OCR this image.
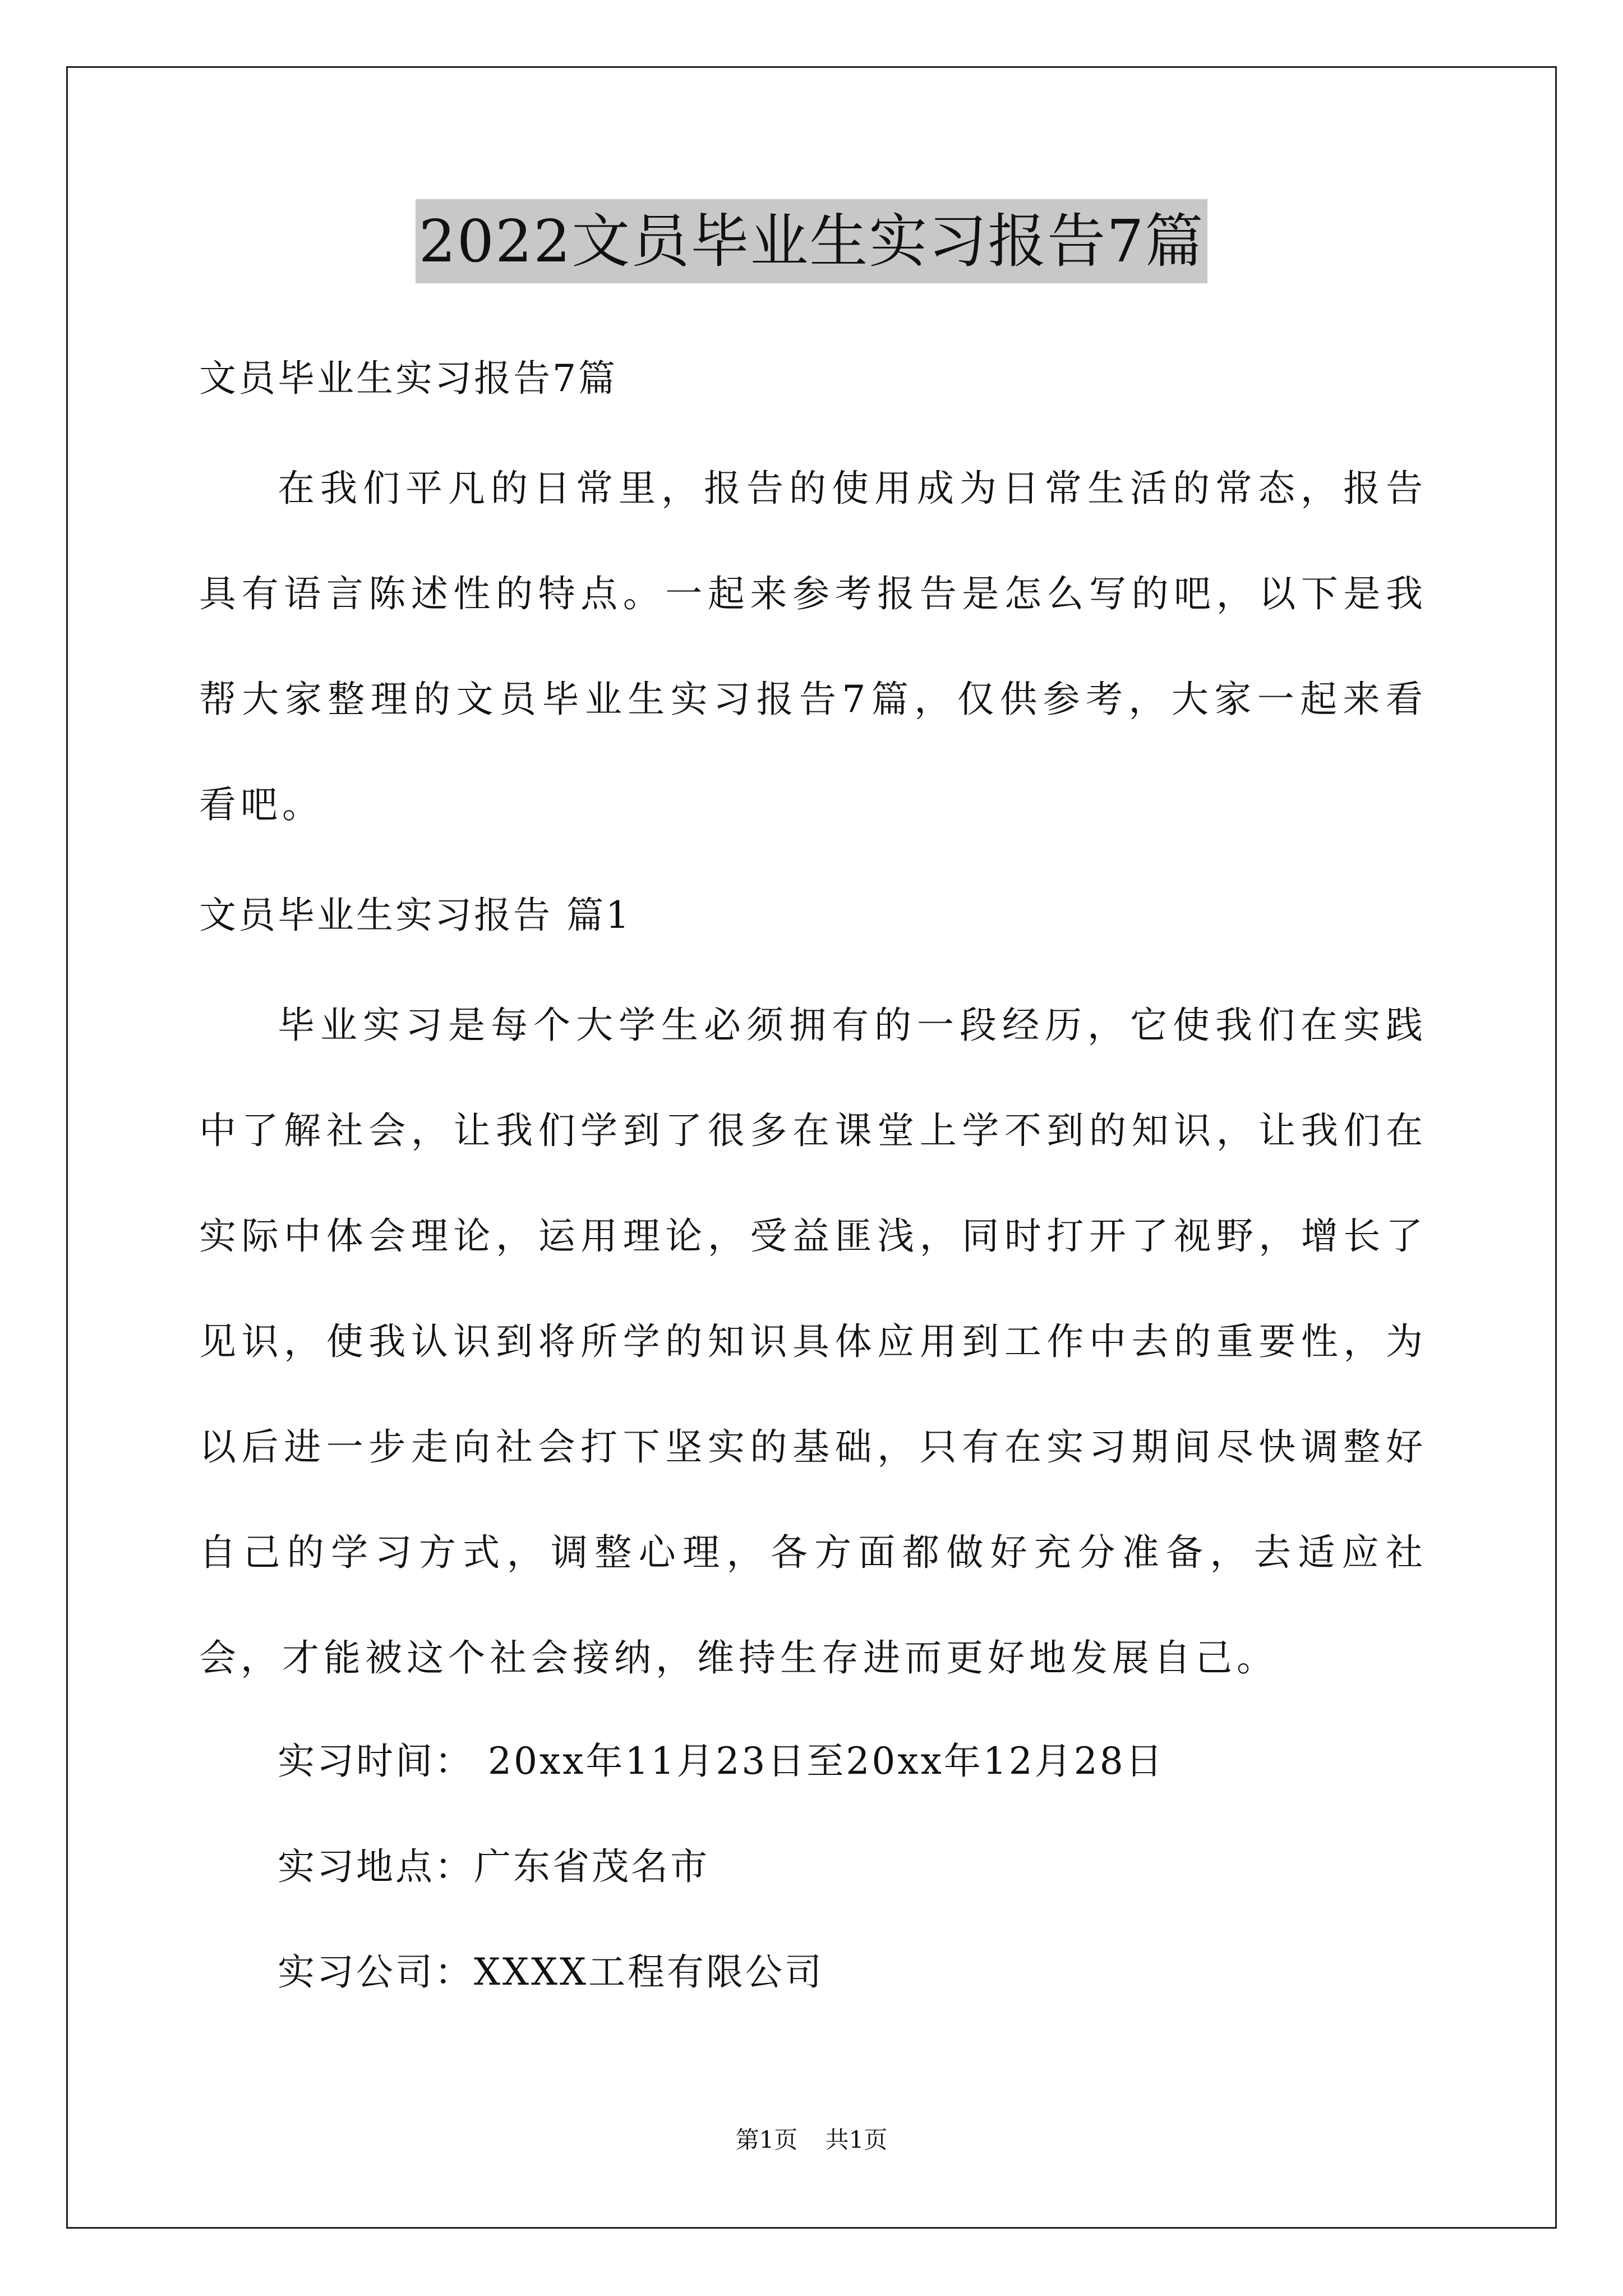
2022文员毕业生实习报告7篇
文员毕业生实习报告7篇
在我们平凡的日常里，报告的使用成为日常生活的常态，报告具有语言陈述性的特点。一起来参考报告是怎么写的吧，以下是我帮大家整理的文员毕业生实习报告7篇，仅供参考，大家一起来看看吧。
文员毕业生实习报告 篇1
毕业实习是每个大学生必须拥有的一段经历，它使我们在实践中了解社会，让我们学到了很多在课堂上学不到的知识，让我们在实际中体会理论，运用理论，受益匪浅，同时打开了视野，增长了见识，使我认识到将所学的知识具体应用到工作中去的重要性，为以后进一步走向社会打下坚实的基础，只有在实习期间尽快调整好自己的学习方式，调整心理，各方面都做好充分准备，去适应社会，才能被这个社会接纳，维持生存进而更好地发展自己。
实习时间： 20xx年11月23日至20xx年12月28日
实习地点：广东省茂名市
实习公司：XXXX工程有限公司
第1页 共1页
